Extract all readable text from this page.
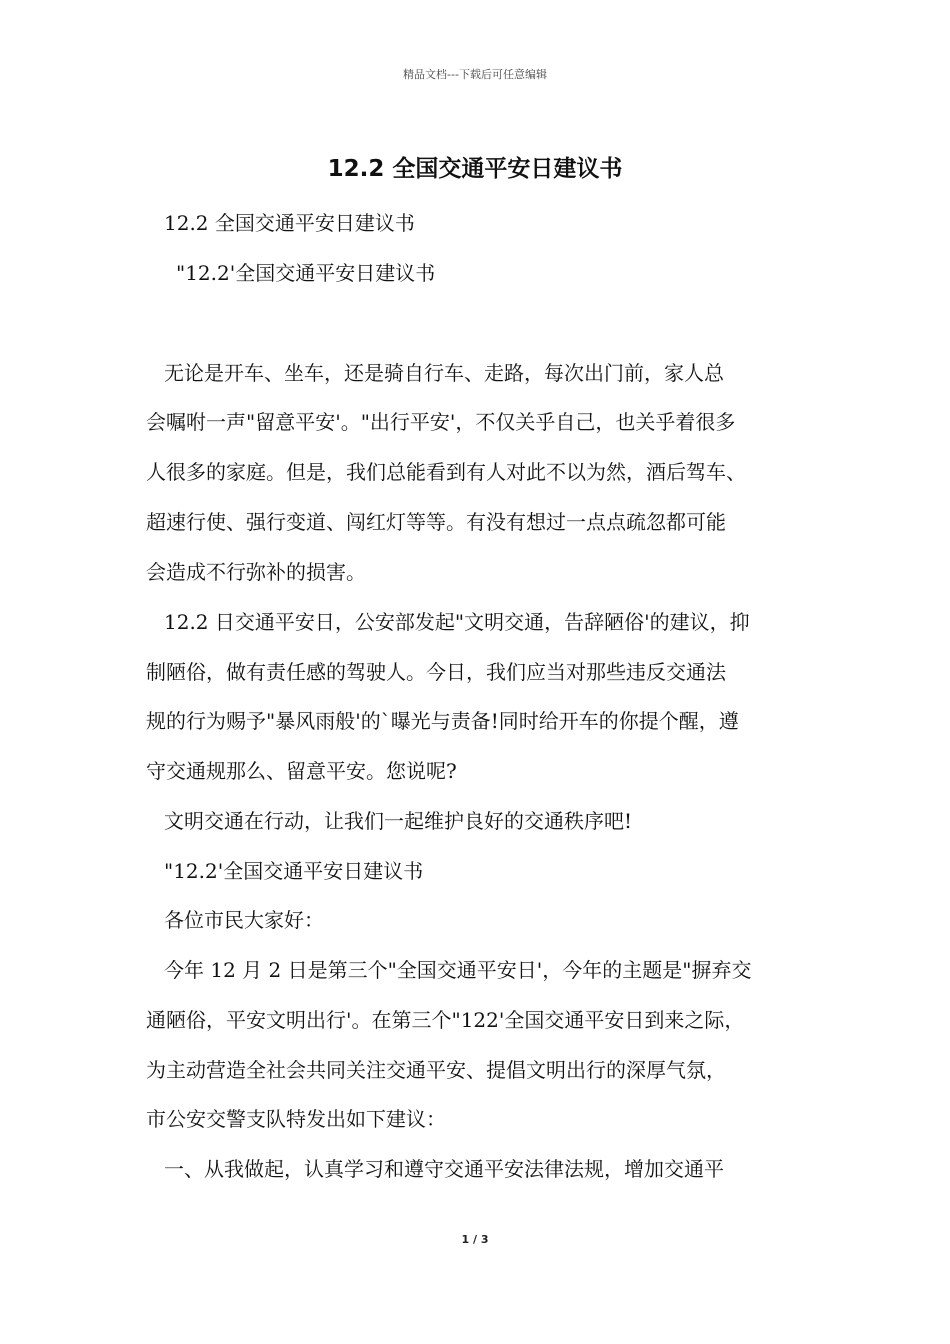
精品文档---下载后可任意编辑
12.2 全国交通平安日建议书
12.2 全国交通平安日建议书
"12.2'全国交通平安日建议书
无论是开车、坐车，还是骑自行车、走路，每次出门前，家人总
会嘱咐一声"留意平安'。"出行平安'，不仅关乎自己，也关乎着很多
人很多的家庭。但是，我们总能看到有人对此不以为然，酒后驾车、
超速行使、强行变道、闯红灯等等。有没有想过一点点疏忽都可能
会造成不行弥补的损害。
12.2 日交通平安日，公安部发起"文明交通，告辞陋俗'的建议，抑
制陋俗，做有责任感的驾驶人。今日，我们应当对那些违反交通法
规的行为赐予"暴风雨般'的`曝光与责备!同时给开车的你提个醒，遵
守交通规那么、留意平安。您说呢?
文明交通在行动，让我们一起维护良好的交通秩序吧!
"12.2'全国交通平安日建议书
各位市民大家好：
今年 12 月 2 日是第三个"全国交通平安日'，今年的主题是"摒弃交
通陋俗，平安文明出行'。在第三个"122'全国交通平安日到来之际，
为主动营造全社会共同关注交通平安、提倡文明出行的深厚气氛，
市公安交警支队特发出如下建议：
一、从我做起，认真学习和遵守交通平安法律法规，增加交通平
1 / 3
